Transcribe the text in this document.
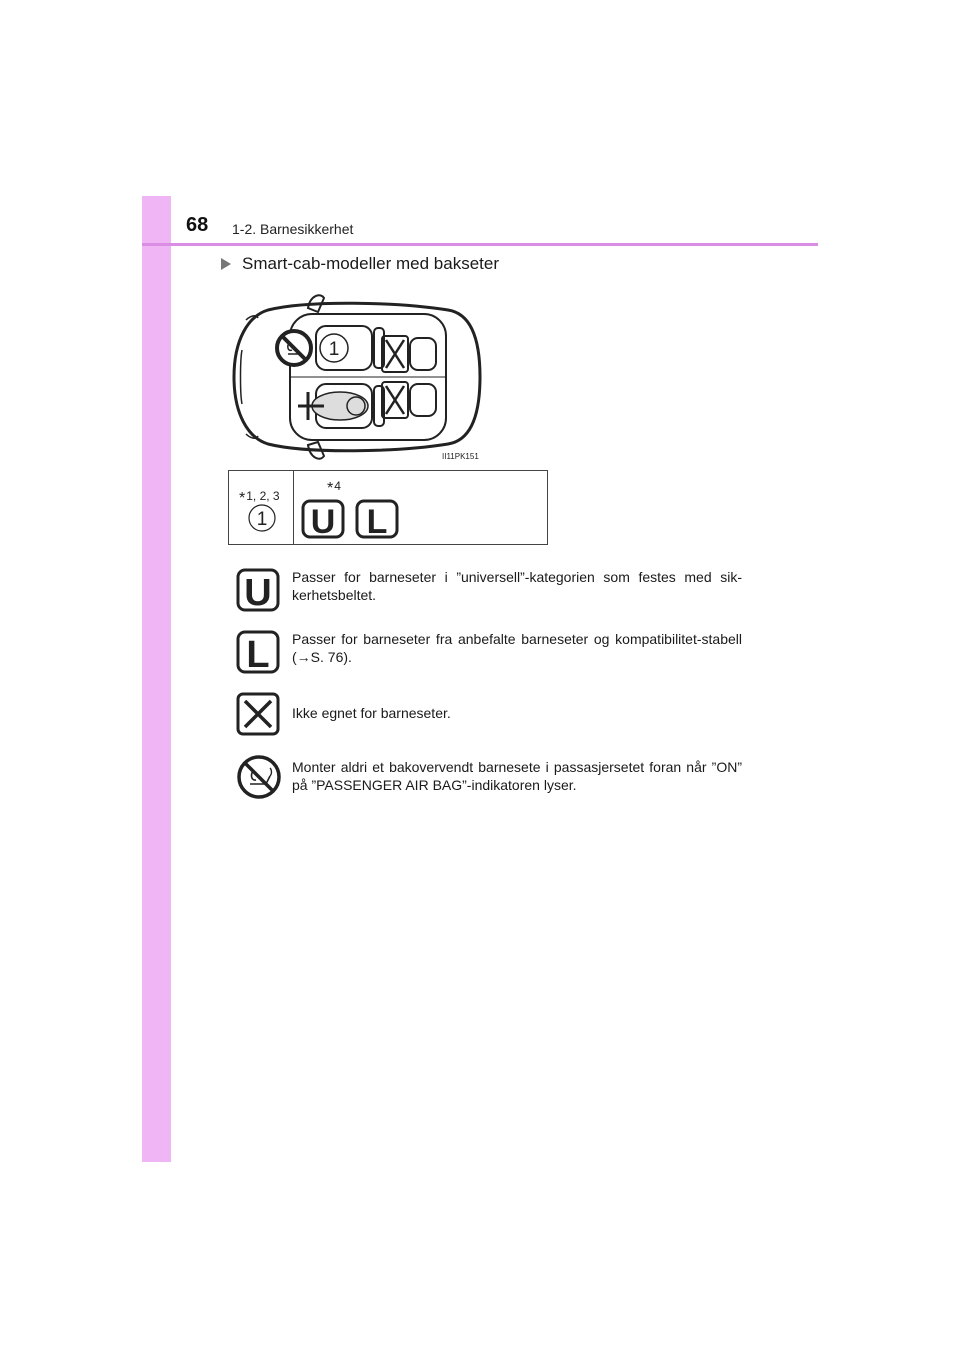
68 1-2. Barnesikkerhet
Smart-cab-modeller med bakseter
1
II11PK151
*1, 2, 3	*4
1 U L
U Passer for barneseter i ”universell”-kategorien som festes med sik-kerhetsbeltet.
L Passer for barneseter fra anbefalte barneseter og kompatibilitet-stabell (→S. 76).
Ikke egnet for barneseter.
Monter aldri et bakovervendt barnesete i passasjersetet foran når ”ON” på ”PASSENGER AIR BAG”-indikatoren lyser.
